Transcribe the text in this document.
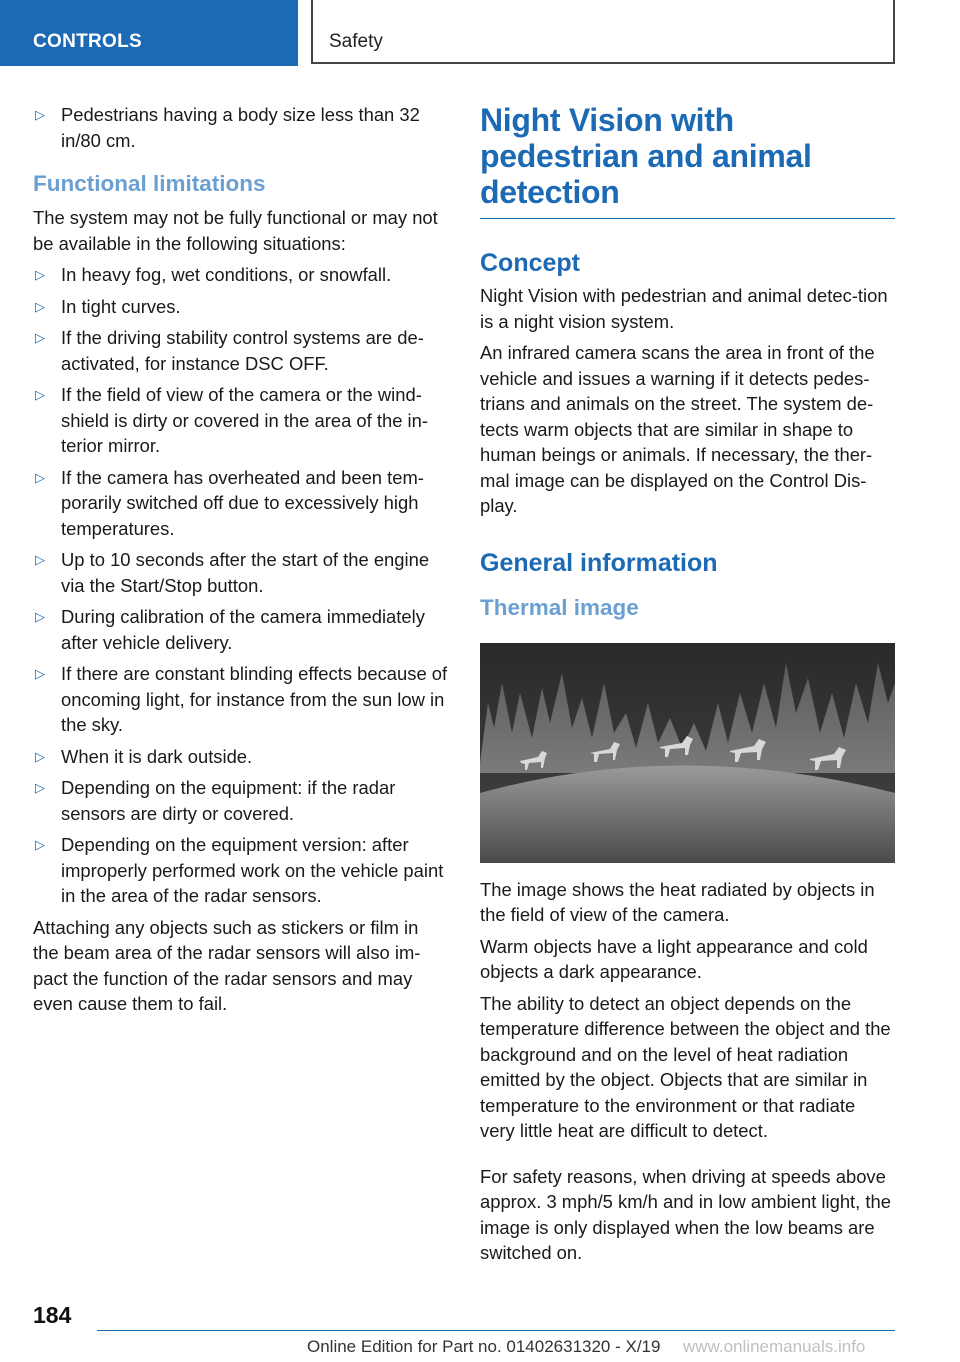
CONTROLS	Safety
▷ Pedestrians having a body size less than 32 in/80 cm.
Functional limitations

The system may not be fully functional or may not be available in the following situations:

▷ In heavy fog, wet conditions, or snowfall.
▷ In tight curves.
▷ If the driving stability control systems are de-activated, for instance DSC OFF.
▷ If the field of view of the camera or the wind-shield is dirty or covered in the area of the in-terior mirror.
▷ If the camera has overheated and been tem-porarily switched off due to excessively high temperatures.
▷ Up to 10 seconds after the start of the engine via the Start/Stop button.
▷ During calibration of the camera immediately after vehicle delivery.
▷ If there are constant blinding effects because of oncoming light, for instance from the sun low in the sky.
▷ When it is dark outside.
▷ Depending on the equipment: if the radar sensors are dirty or covered.
▷ Depending on the equipment version: after improperly performed work on the vehicle paint in the area of the radar sensors.

Attaching any objects such as stickers or film in the beam area of the radar sensors will also im-pact the function of the radar sensors and may even cause them to fail.

Night Vision with pedestrian and animal detection
Concept

Night Vision with pedestrian and animal detec-tion is a night vision system.

An infrared camera scans the area in front of the vehicle and issues a warning if it detects pedes-trians and animals on the street. The system de-tects warm objects that are similar in shape to human beings or animals. If necessary, the ther-mal image can be displayed on the Control Dis-play.

General information
Thermal image

The image shows the heat radiated by objects in the field of view of the camera.

Warm objects have a light appearance and cold objects a dark appearance.

The ability to detect an object depends on the temperature difference between the object and the background and on the level of heat radiation emitted by the object. Objects that are similar in temperature to the environment or that radiate very little heat are difficult to detect.

For safety reasons, when driving at speeds above approx. 3 mph/5 km/h and in low ambient light, the image is only displayed when the low beams are switched on.

184
Online Edition for Part no. 01402631320 - X/19 www.onlinemanuals.info
